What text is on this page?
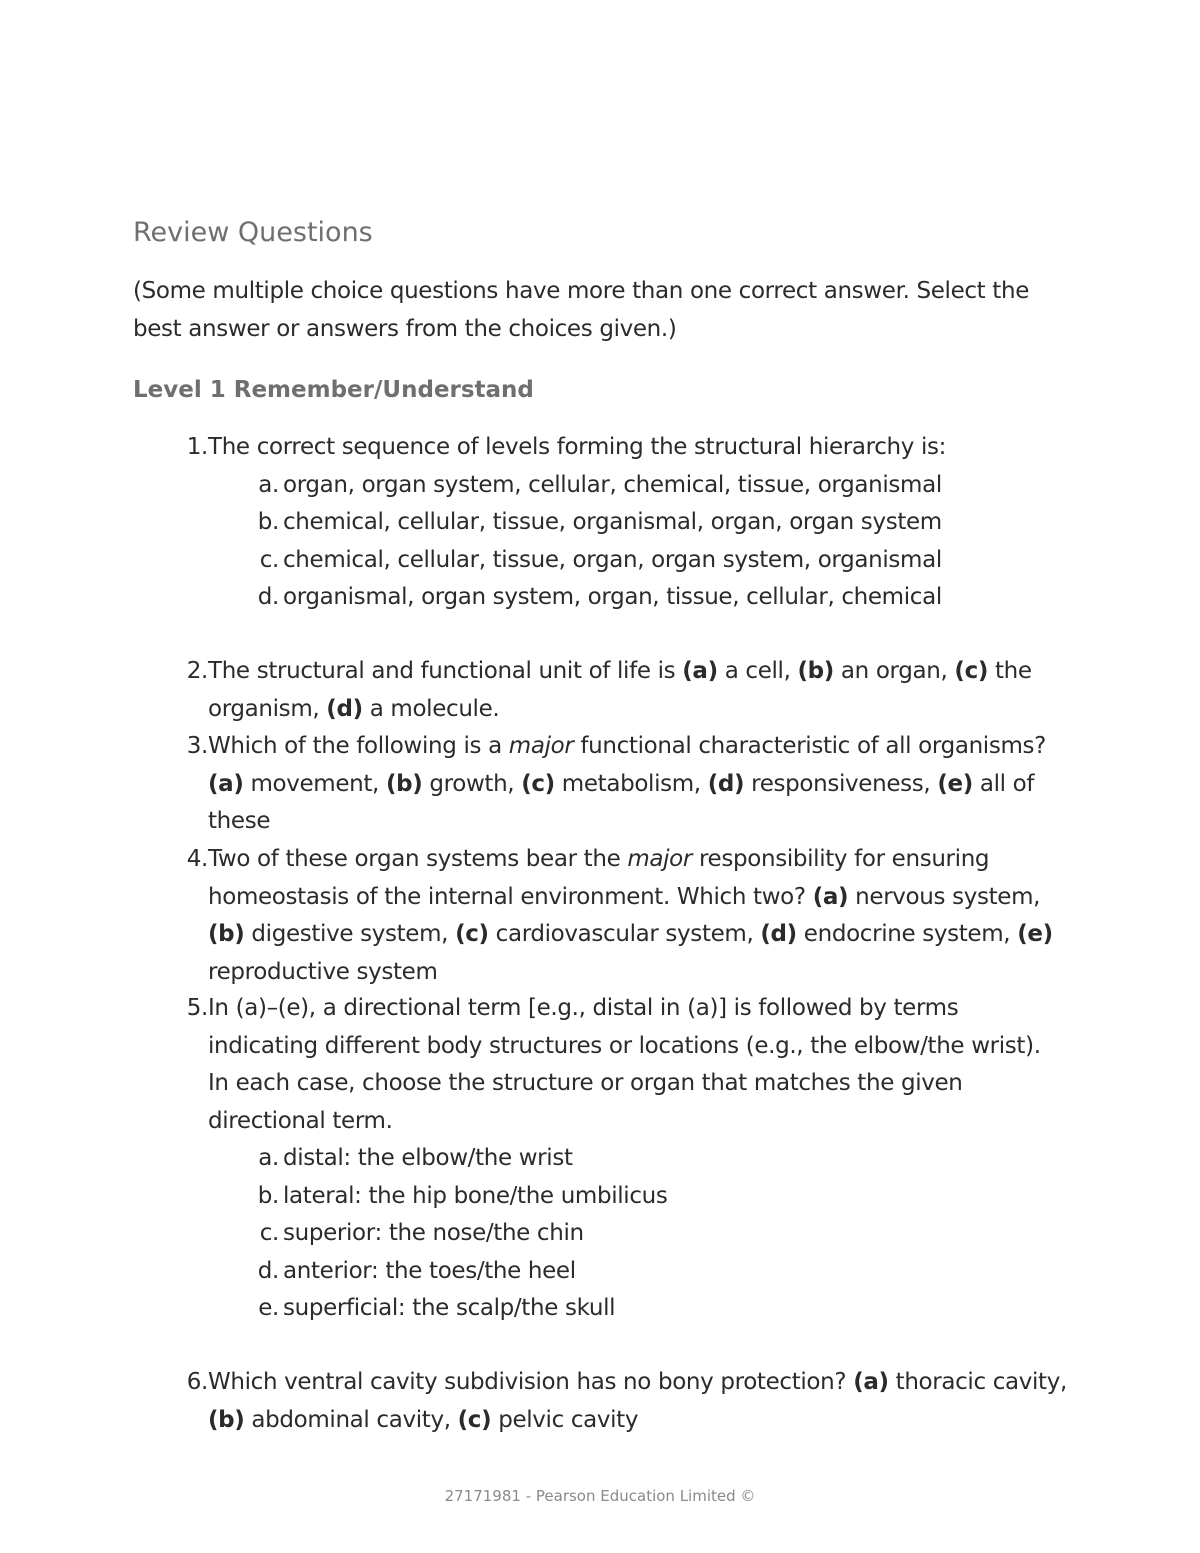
Review Questions

(Some multiple choice questions have more than one correct answer. Select the best answer or answers from the choices given.)

Level 1 Remember/Understand
1. The correct sequence of levels forming the structural hierarchy is:
a. organ, organ system, cellular, chemical, tissue, organismal
b. chemical, cellular, tissue, organismal, organ, organ system
c. chemical, cellular, tissue, organ, organ system, organismal
d. organismal, organ system, organ, tissue, cellular, chemical
2. The structural and functional unit of life is (a) a cell, (b) an organ, (c) the organism, (d) a molecule.
3. Which of the following is a major functional characteristic of all organisms? (a) movement, (b) growth, (c) metabolism, (d) responsiveness, (e) all of these
4. Two of these organ systems bear the major responsibility for ensuring homeostasis of the internal environment. Which two? (a) nervous system, (b) digestive system, (c) cardiovascular system, (d) endocrine system, (e) reproductive system
5. In (a)–(e), a directional term [e.g., distal in (a)] is followed by terms indicating different body structures or locations (e.g., the elbow/the wrist). In each case, choose the structure or organ that matches the given directional term.
a. distal: the elbow/the wrist
b. lateral: the hip bone/the umbilicus
c. superior: the nose/the chin
d. anterior: the toes/the heel
e. superficial: the scalp/the skull
6. Which ventral cavity subdivision has no bony protection? (a) thoracic cavity, (b) abdominal cavity, (c) pelvic cavity
27171981 - Pearson Education Limited ©
